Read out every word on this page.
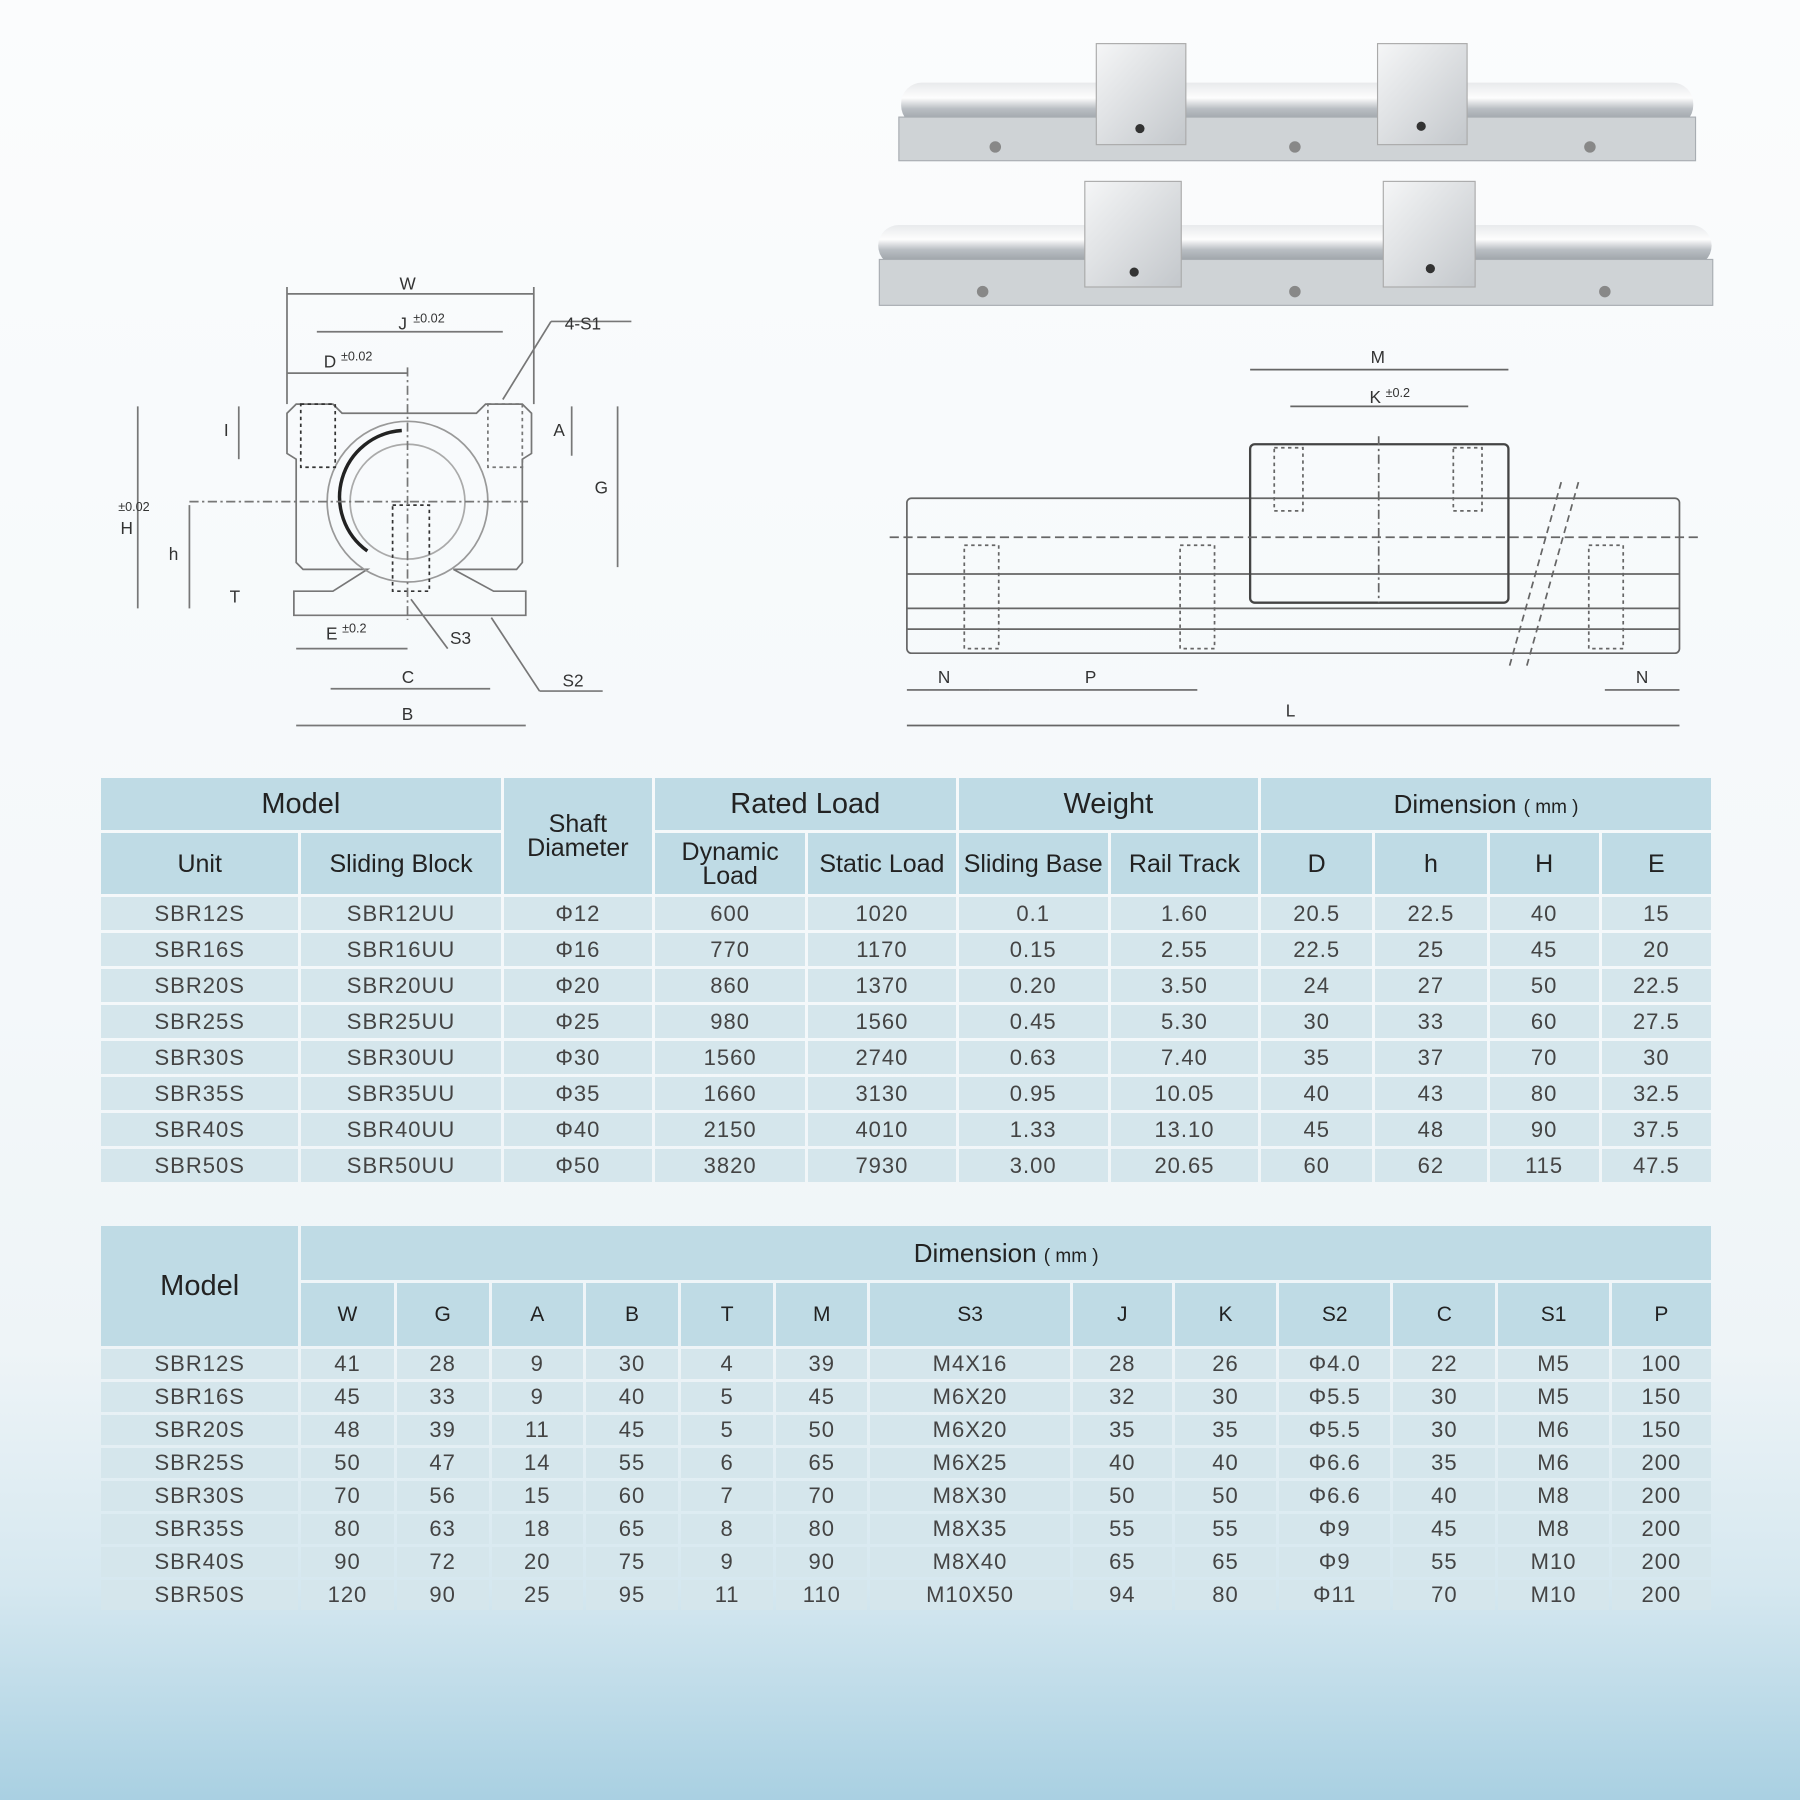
W
J ±0.02
D ±0.02
4-S1
I	A
G
H
±0.02
h
T
E ±0.2	S3
S2
C
B
M
K ±0.2
N	P	N
L
Model		Shaft Diameter	Rated Load		Weight		Dimension ( mm )			
Unit	Sliding Block		Dynamic Load	Static Load	Sliding Base	Rail Track	D	h	H	E
SBR12S	SBR12UU	Φ12	600	1020	0.1	1.60	20.5	22.5	40	15
SBR16S	SBR16UU	Φ16	770	1170	0.15	2.55	22.5	25	45	20
SBR20S	SBR20UU	Φ20	860	1370	0.20	3.50	24	27	50	22.5
SBR25S	SBR25UU	Φ25	980	1560	0.45	5.30	30	33	60	27.5
SBR30S	SBR30UU	Φ30	1560	2740	0.63	7.40	35	37	70	30
SBR35S	SBR35UU	Φ35	1660	3130	0.95	10.05	40	43	80	32.5
SBR40S	SBR40UU	Φ40	2150	4010	1.33	13.10	45	48	90	37.5
SBR50S	SBR50UU	Φ50	3820	7930	3.00	20.65	60	62	115	47.5
Model	Dimension ( mm )												
	W	G	A	B	T	M	S3	J	K	S2	C	S1	P
SBR12S	41	28	9	30	4	39	M4X16	28	26	Φ4.0	22	M5	100
SBR16S	45	33	9	40	5	45	M6X20	32	30	Φ5.5	30	M5	150
SBR20S	48	39	11	45	5	50	M6X20	35	35	Φ5.5	30	M6	150
SBR25S	50	47	14	55	6	65	M6X25	40	40	Φ6.6	35	M6	200
SBR30S	70	56	15	60	7	70	M8X30	50	50	Φ6.6	40	M8	200
SBR35S	80	63	18	65	8	80	M8X35	55	55	Φ9	45	M8	200
SBR40S	90	72	20	75	9	90	M8X40	65	65	Φ9	55	M10	200
SBR50S	120	90	25	95	11	110	M10X50	94	80	Φ11	70	M10	200
